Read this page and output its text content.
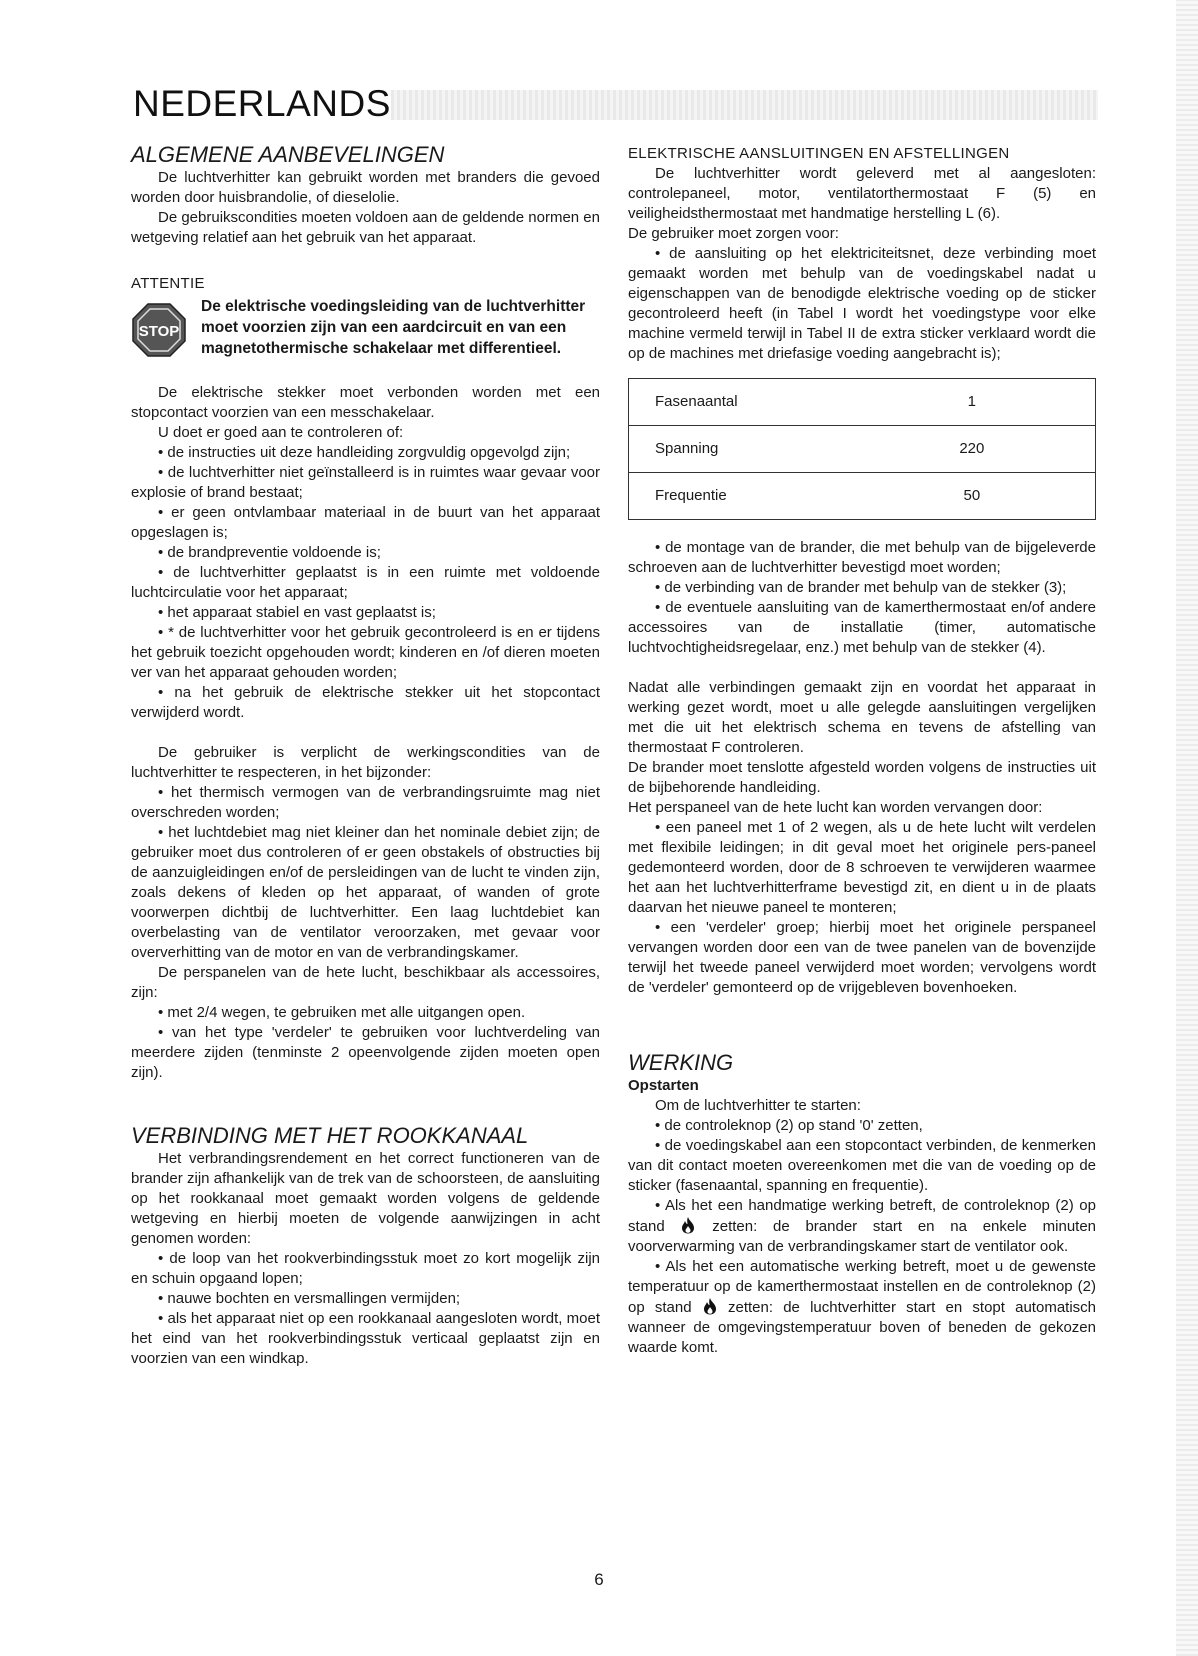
NEDERLANDS
ALGEMENE AANBEVELINGEN

De luchtverhitter kan gebruikt worden met branders die gevoed worden door huisbrandolie, of dieselolie.

De gebruikscondities moeten voldoen aan de geldende normen en wetgeving relatief aan het gebruik van het apparaat.

ATTENTIE
STOP
De elektrische voedingsleiding van de luchtverhitter moet voorzien zijn van een aardcircuit en van een magnetothermische schakelaar met differentieel.

De elektrische stekker moet verbonden worden met een stopcontact voorzien van een messchakelaar.

U doet er goed aan te controleren of:

• de instructies uit deze handleiding zorgvuldig opgevolgd zijn;

• de luchtverhitter niet geïnstalleerd is in ruimtes waar gevaar voor explosie of brand bestaat;

• er geen ontvlambaar materiaal in de buurt van het apparaat opgeslagen is;

• de brandpreventie voldoende is;

• de luchtverhitter geplaatst is in een ruimte met voldoende luchtcirculatie voor het apparaat;

• het apparaat stabiel en vast geplaatst is;

• * de luchtverhitter voor het gebruik gecontroleerd is en er tijdens het gebruik toezicht opgehouden wordt; kinderen en /of dieren moeten ver van het apparaat gehouden worden;

• na het gebruik de elektrische stekker uit het stopcontact verwijderd wordt.

De gebruiker is verplicht de werkingscondities van de luchtverhitter te respecteren, in het bijzonder:

• het thermisch vermogen van de verbrandingsruimte mag niet overschreden worden;

• het luchtdebiet mag niet kleiner dan het nominale debiet zijn; de gebruiker moet dus controleren of er geen obstakels of obstructies bij de aanzuigleidingen en/of de persleidingen van de lucht te vinden zijn, zoals dekens of kleden op het apparaat, of wanden of grote voorwerpen dichtbij de luchtverhitter. Een laag luchtdebiet kan overbelasting van de ventilator veroorzaken, met gevaar voor oververhitting van de motor en van de verbrandingskamer.

De perspanelen van de hete lucht, beschikbaar als accessoires, zijn:

• met 2/4 wegen, te gebruiken met alle uitgangen open.

• van het type 'verdeler' te gebruiken voor luchtverdeling van meerdere zijden (tenminste 2 opeenvolgende zijden moeten open zijn).

VERBINDING MET HET ROOKKANAAL

Het verbrandingsrendement en het correct functioneren van de brander zijn afhankelijk van de trek van de schoorsteen, de aansluiting op het rookkanaal moet gemaakt worden volgens de geldende wetgeving en hierbij moeten de volgende aanwijzingen in acht genomen worden:

• de loop van het rookverbindingsstuk moet zo kort mogelijk zijn en schuin opgaand lopen;

• nauwe bochten en versmallingen vermijden;

• als het apparaat niet op een rookkanaal aangesloten wordt, moet het eind van het rookverbindingsstuk verticaal geplaatst zijn en voorzien van een windkap.

ELEKTRISCHE AANSLUITINGEN EN AFSTELLINGEN

De luchtverhitter wordt geleverd met al aangesloten: controlepaneel, motor, ventilatorthermostaat F (5) en veiligheidsthermostaat met handmatige herstelling L (6).

De gebruiker moet zorgen voor:

• de aansluiting op het elektriciteitsnet, deze verbinding moet gemaakt worden met behulp van de voedingskabel nadat u eigenschappen van de benodigde elektrische voeding op de sticker gecontroleerd heeft (in Tabel I wordt het voedingstype voor elke machine vermeld terwijl in Tabel II de extra sticker verklaard wordt die op de machines met driefasige voeding aangebracht is);

Fasenaantal	1
Spanning	220
Frequentie	50

• de montage van de brander, die met behulp van de bijgeleverde schroeven aan de luchtverhitter bevestigd moet worden;

• de verbinding van de brander met behulp van de stekker (3);

• de eventuele aansluiting van de kamerthermostaat en/of andere accessoires van de installatie (timer, automatische luchtvochtigheidsregelaar, enz.) met behulp van de stekker (4).

Nadat alle verbindingen gemaakt zijn en voordat het apparaat in werking gezet wordt, moet u alle gelegde aansluitingen vergelijken met die uit het elektrisch schema en tevens de afstelling van thermostaat F controleren.

De brander moet tenslotte afgesteld worden volgens de instructies uit de bijbehorende handleiding.

Het perspaneel van de hete lucht kan worden vervangen door:

• een paneel met 1 of 2 wegen, als u de hete lucht wilt verdelen met flexibile leidingen; in dit geval moet het originele pers-paneel gedemonteerd worden, door de 8 schroeven te verwijderen waarmee het aan het luchtverhitterframe bevestigd zit, en dient u in de plaats daarvan het nieuwe paneel te monteren;

• een 'verdeler' groep; hierbij moet het originele perspaneel vervangen worden door een van de twee panelen van de bovenzijde terwijl het tweede paneel verwijderd moet worden; vervolgens wordt de 'verdeler' gemonteerd op de vrijgebleven bovenhoeken.

WERKING
Opstarten

Om de luchtverhitter te starten:

• de controleknop (2) op stand '0' zetten,

• de voedingskabel aan een stopcontact verbinden, de kenmerken van dit contact moeten overeenkomen met die van de voeding op de sticker (fasenaantal, spanning en frequentie).

• Als het een handmatige werking betreft, de controleknop (2) op stand	zetten: de brander start en na enkele minuten voorverwarming van de verbrandingskamer start de ventilator ook.

• Als het een automatische werking betreft, moet u de gewenste temperatuur op de kamerthermostaat instellen en de controleknop (2) op stand zetten: de luchtverhitter start en stopt automatisch wanneer de omgevingstemperatuur boven of beneden de gekozen waarde komt.

6
